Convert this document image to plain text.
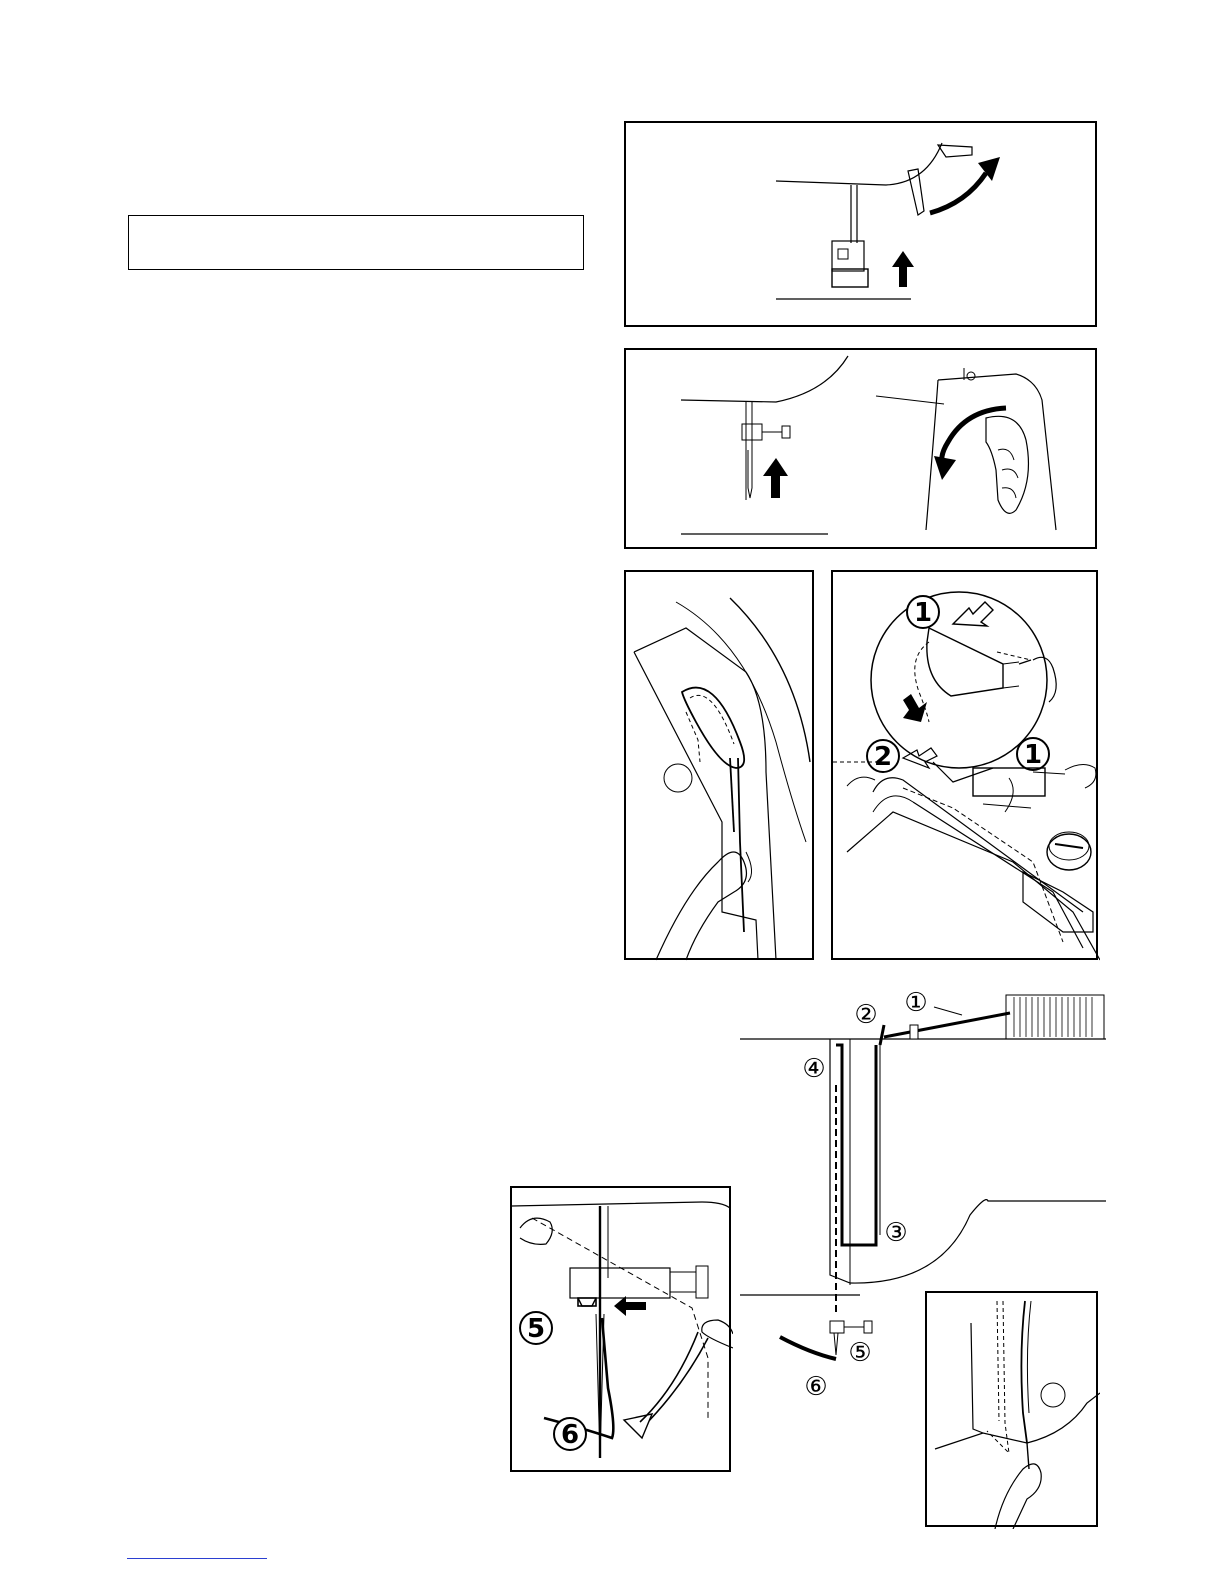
1
2	1
①
②
③
④
⑤
⑥
5
6
